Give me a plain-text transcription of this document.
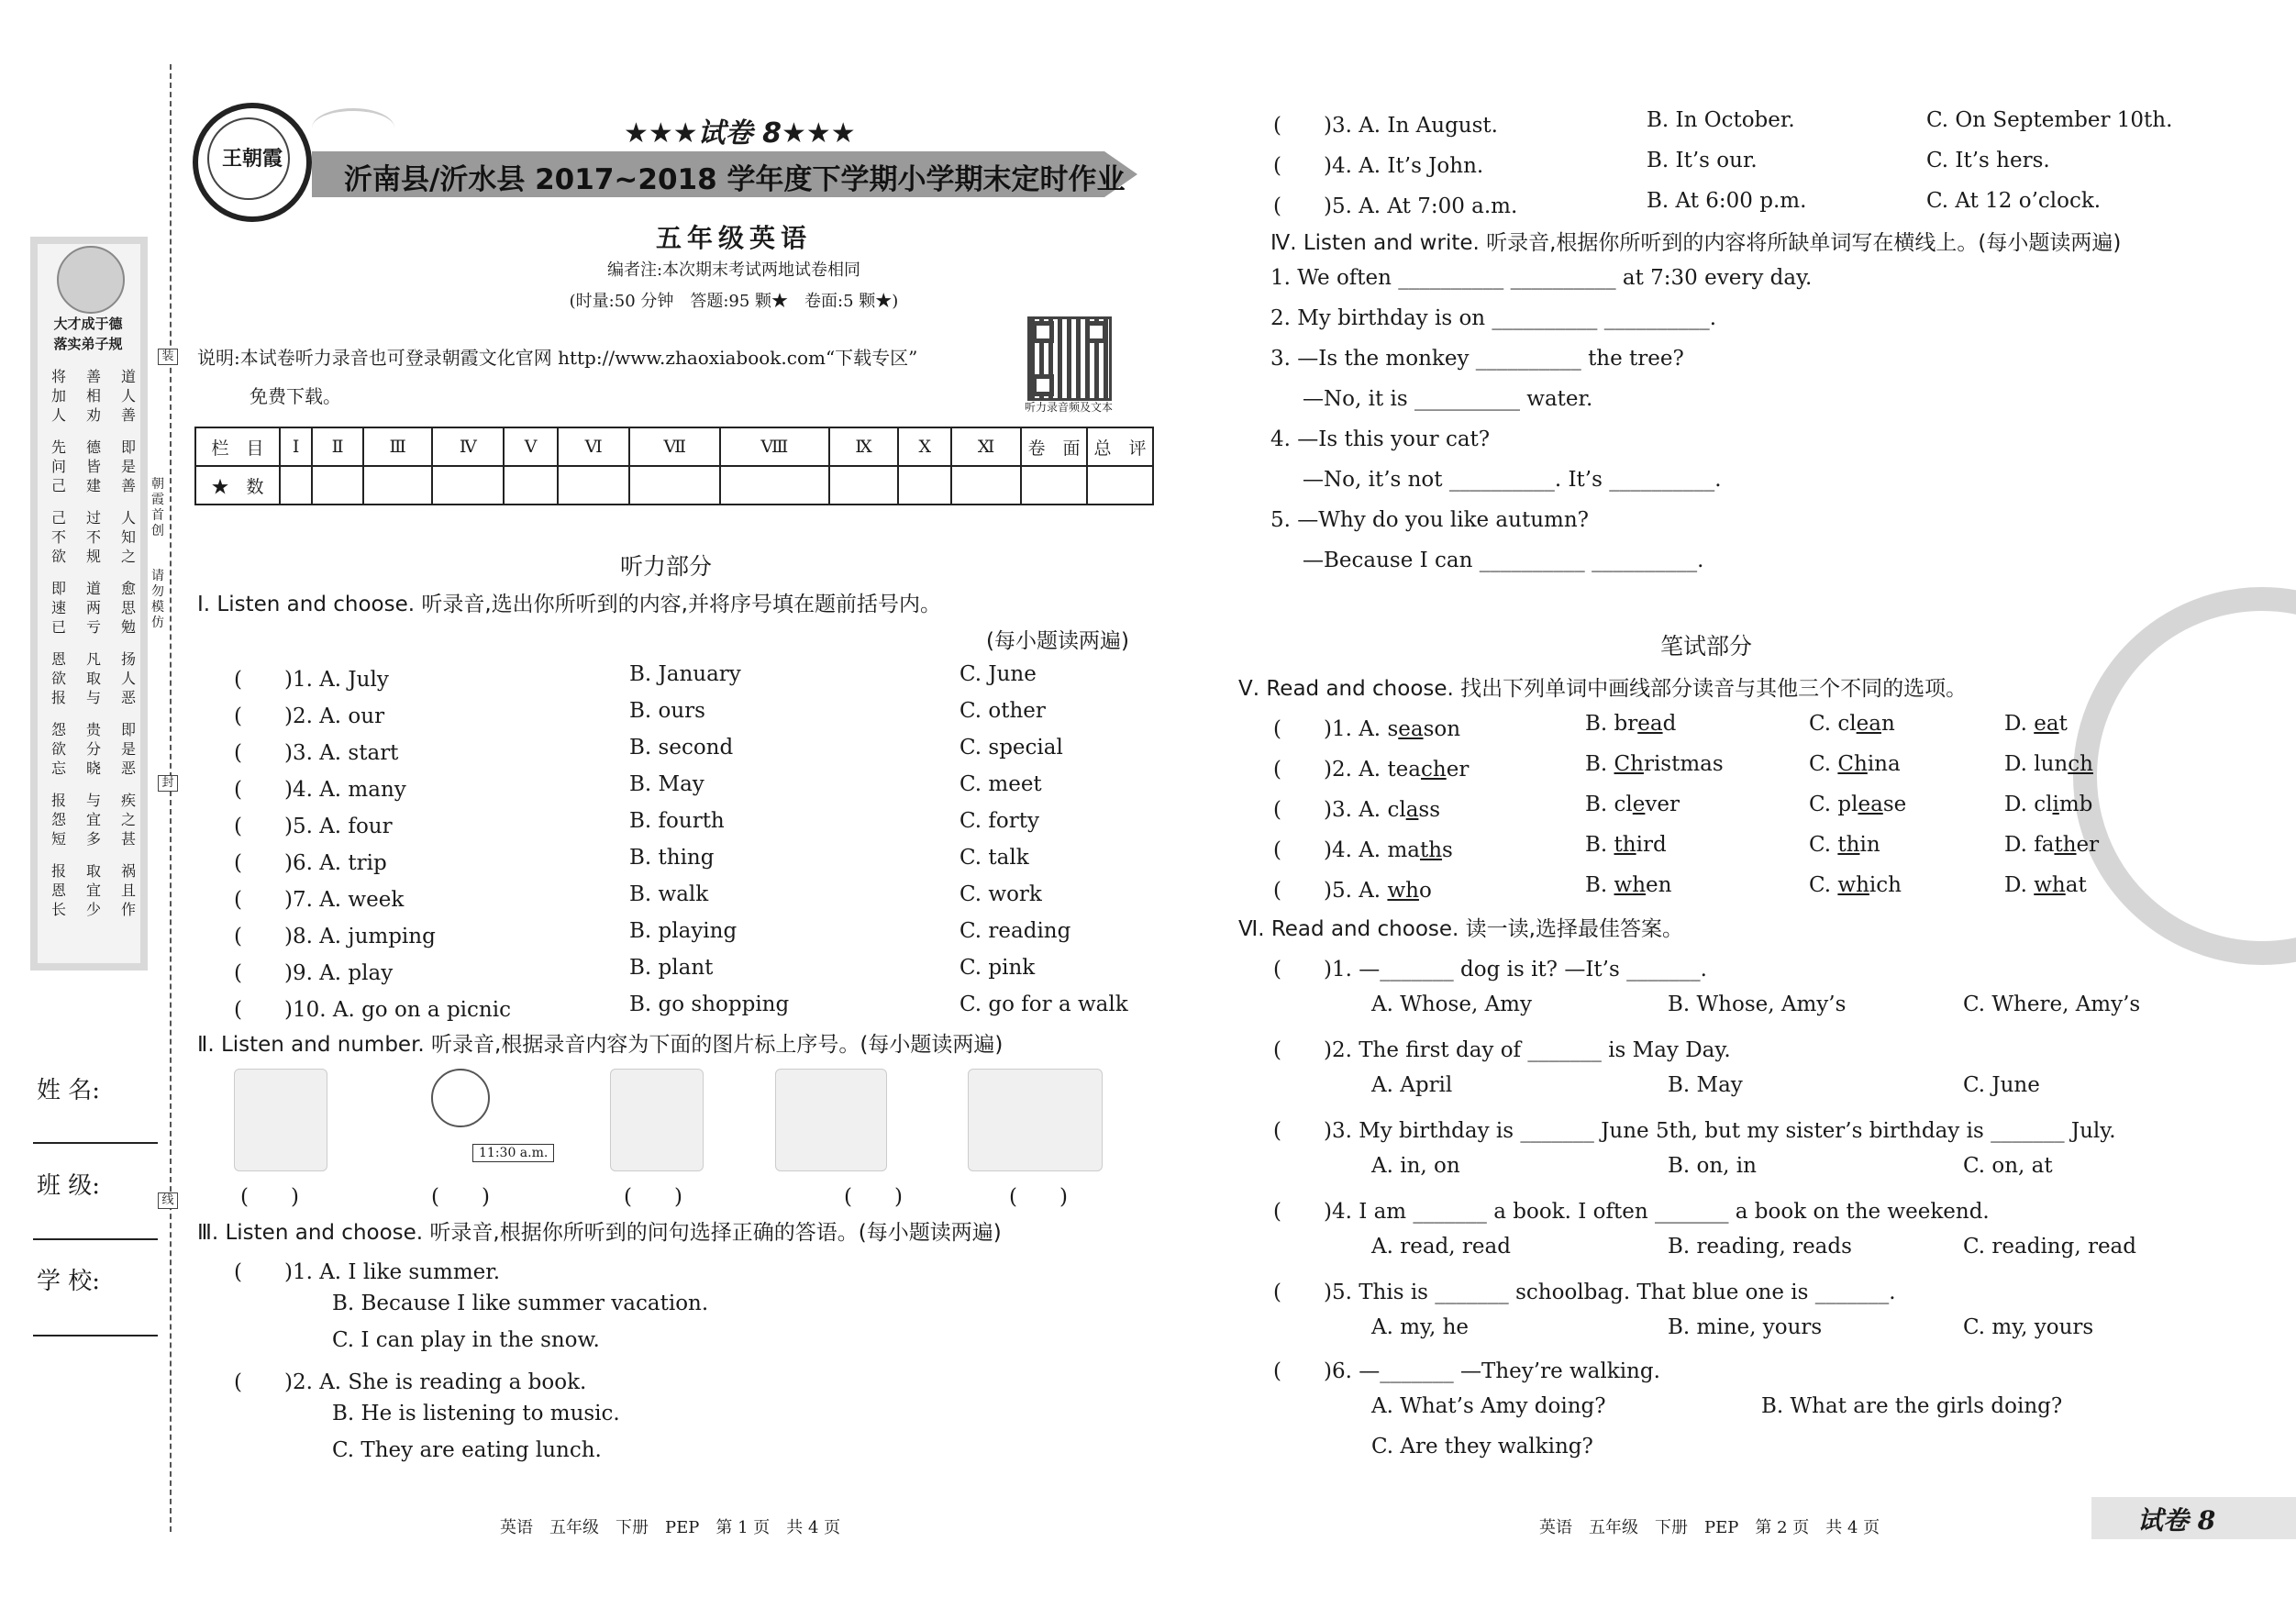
大才成于德
落实弟子规
将加人
善相劝
道人善
先问己
德皆建
即是善
己不欲
过不规
人知之
即速已
道两亏
愈思勉
恩欲报
凡取与
扬人恶
怨欲忘
贵分晓
即是恶
报怨短
与宜多
疾之甚
报恩长
取宜少
祸且作
装
封
线
朝霞首创
请勿模仿
姓 名:
班 级:
学 校:
王朝霞
★★★试卷 8★★★
沂南县/沂水县 2017~2018 学年度下学期小学期末定时作业
五年级英语
编者注:本次期末考试两地试卷相同
(时量:50 分钟　答题:95 颗★　卷面:5 颗★)
说明:本试卷听力录音也可登录朝霞文化官网 http://www.zhaoxiabook.com“下载专区”
免费下载。	听力录音频及文本
栏　目	Ⅰ	Ⅱ	Ⅲ	Ⅳ	Ⅴ	Ⅵ	Ⅶ	Ⅷ	Ⅸ	Ⅹ	Ⅺ	卷　面	总　评
★　数													
听力部分
Ⅰ. Listen and choose. 听录音,选出你所听到的内容,并将序号填在题前括号内。
(每小题读两遍)
(　　)1. A. July	B. January	C. June
(　　)2. A. our	B. ours	C. other
(　　)3. A. start	B. second	C. special
(　　)4. A. many	B. May	C. meet
(　　)5. A. four	B. fourth	C. forty
(　　)6. A. trip	B. thing	C. talk
(　　)7. A. week	B. walk	C. work
(　　)8. A. jumping	B. playing	C. reading
(　　)9. A. play	B. plant	C. pink
(　　)10. A. go on a picnic	B. go shopping	C. go for a walk
Ⅱ. Listen and number. 听录音,根据录音内容为下面的图片标上序号。(每小题读两遍)
11:30 a.m.
(　　)	(　　)	(　　)	(　　)	(　　)
Ⅲ. Listen and choose. 听录音,根据你所听到的问句选择正确的答语。(每小题读两遍)
(　　)1. A. I like summer.
B. Because I like summer vacation.
C. I can play in the snow.
(　　)2. A. She is reading a book.
B. He is listening to music.
C. They are eating lunch.
(　　)3. A. In August.	B. In October.	C. On September 10th.
(　　)4. A. It’s John.	B. It’s our.	C. It’s hers.
(　　)5. A. At 7:00 a.m.	B. At 6:00 p.m.	C. At 12 o’clock.
Ⅳ. Listen and write. 听录音,根据你所听到的内容将所缺单词写在横线上。(每小题读两遍)
1. We often __________ __________ at 7:30 every day.
2. My birthday is on __________ __________.
3. —Is the monkey __________ the tree?
—No, it is __________ water.
4. —Is this your cat?
—No, it’s not __________. It’s __________.
5. —Why do you like autumn?
—Because I can __________ __________.
笔试部分
Ⅴ. Read and choose. 找出下列单词中画线部分读音与其他三个不同的选项。
(　　)1. A. season	B. bread	C. clean	D. eat
(　　)2. A. teacher	B. Christmas	C. China	D. lunch
(　　)3. A. class	B. clever	C. please	D. climb
(　　)4. A. maths	B. third	C. thin	D. father
(　　)5. A. who	B. when	C. which	D. what
Ⅵ. Read and choose. 读一读,选择最佳答案。
(　　)1. —_______ dog is it? —It’s _______.
A. Whose, Amy	B. Whose, Amy’s	C. Where, Amy’s
(　　)2. The first day of _______ is May Day.
A. April	B. May	C. June
(　　)3. My birthday is _______ June 5th, but my sister’s birthday is _______ July.
A. in, on	B. on, in	C. on, at
(　　)4. I am _______ a book. I often _______ a book on the weekend.
A. read, read	B. reading, reads	C. reading, read
(　　)5. This is _______ schoolbag. That blue one is _______.
A. my, he	B. mine, yours	C. my, yours
(　　)6. —_______ —They’re walking.
A. What’s Amy doing?	B. What are the girls doing?
C. Are they walking?
英语　五年级　下册　PEP　第 1 页　共 4 页	英语　五年级　下册　PEP　第 2 页　共 4 页	试卷 8
